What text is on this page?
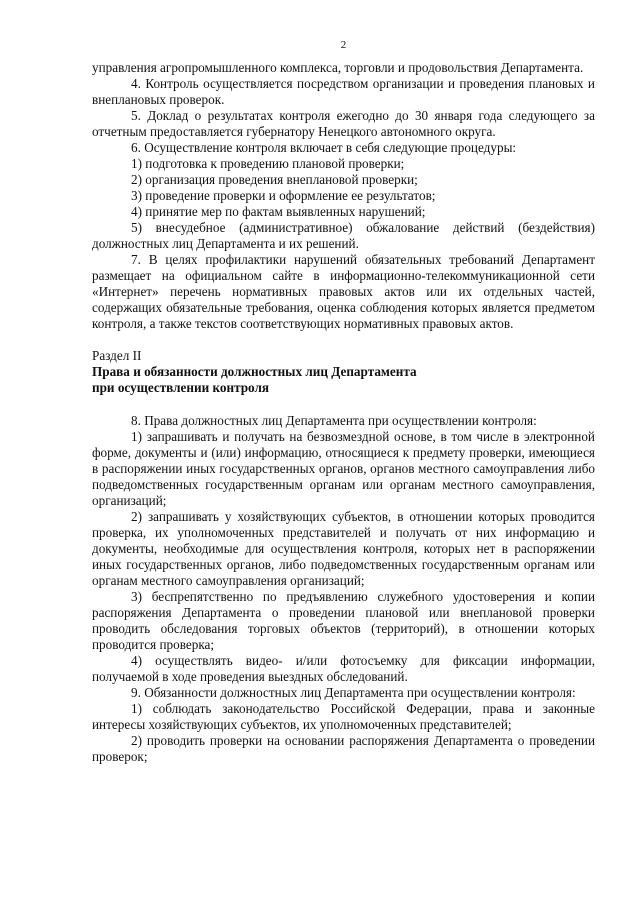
2

управления агропромышленного комплекса, торговли и продовольствия Департамента.

4. Контроль осуществляется посредством организации и проведения плановых и внеплановых проверок.

5. Доклад о результатах контроля ежегодно до 30 января года следующего за отчетным предоставляется губернатору Ненецкого автономного округа.

6. Осуществление контроля включает в себя следующие процедуры:

1) подготовка к проведению плановой проверки;

2) организация проведения внеплановой проверки;

3) проведение проверки и оформление ее результатов;

4) принятие мер по фактам выявленных нарушений;

5) внесудебное (административное) обжалование действий (бездействия) должностных лиц Департамента и их решений.

7. В целях профилактики нарушений обязательных требований Департамент размещает на официальном сайте в информационно-телекоммуникационной сети «Интернет» перечень нормативных правовых актов или их отдельных частей, содержащих обязательные требования, оценка соблюдения которых является предметом контроля, а также текстов соответствующих нормативных правовых актов.

Раздел II

Права и обязанности должностных лиц Департамента

при осуществлении контроля

8. Права должностных лиц Департамента при осуществлении контроля:

1) запрашивать и получать на безвозмездной основе, в том числе в электронной форме, документы и (или) информацию, относящиеся к предмету проверки, имеющиеся в распоряжении иных государственных органов, органов местного самоуправления либо подведомственных государственным органам или органам местного самоуправления, организаций;

2) запрашивать у хозяйствующих субъектов, в отношении которых проводится проверка, их уполномоченных представителей и получать от них информацию и документы, необходимые для осуществления контроля, которых нет в распоряжении иных государственных органов, либо подведомственных государственным органам или органам местного самоуправления организаций;

3) беспрепятственно по предъявлению служебного удостоверения и копии распоряжения Департамента о проведении плановой или внеплановой проверки проводить обследования торговых объектов (территорий), в отношении которых проводится проверка;

4) осуществлять видео- и/или фотосъемку для фиксации информации, получаемой в ходе проведения выездных обследований.

9. Обязанности должностных лиц Департамента при осуществлении контроля:

1) соблюдать законодательство Российской Федерации, права и законные интересы хозяйствующих субъектов, их уполномоченных представителей;

2) проводить проверки на основании распоряжения Департамента о проведении проверок;
